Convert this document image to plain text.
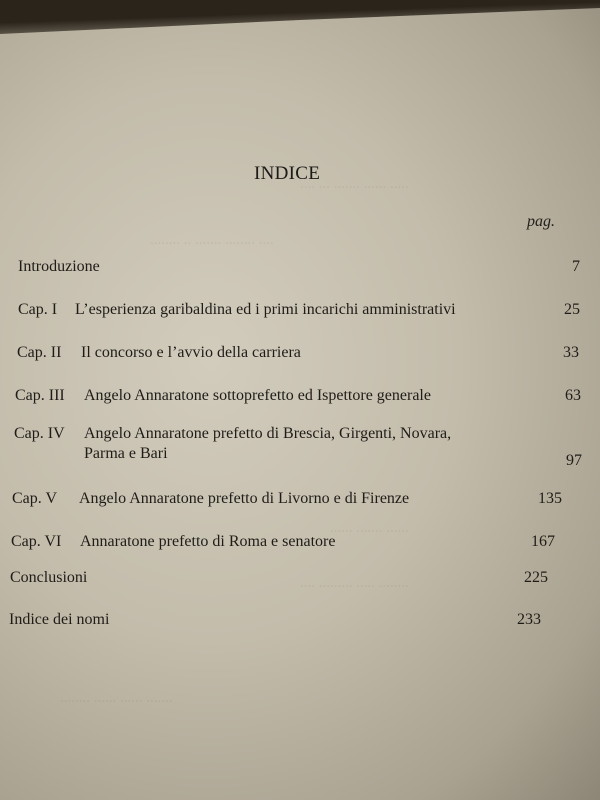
..... ...... ....... ... ....
.... ........ ....... .. ........
...... ....... ......
........ ..... ......... ....
....... ...... ...... ........
INDICE
pag.
Introduzione	7
Cap. I L’esperienza garibaldina ed i primi incarichi amministrativi	25
Cap. II Il concorso e l’avvio della carriera	33
Cap. III Angelo Annaratone sottoprefetto ed Ispettore generale	63
Cap. IV Angelo Annaratone prefetto di Brescia, Girgenti, Novara,
Parma e Bari	97
Cap. V Angelo Annaratone prefetto di Livorno e di Firenze	135
Cap. VI Annaratone prefetto di Roma e senatore	167
Conclusioni	225
Indice dei nomi	233
